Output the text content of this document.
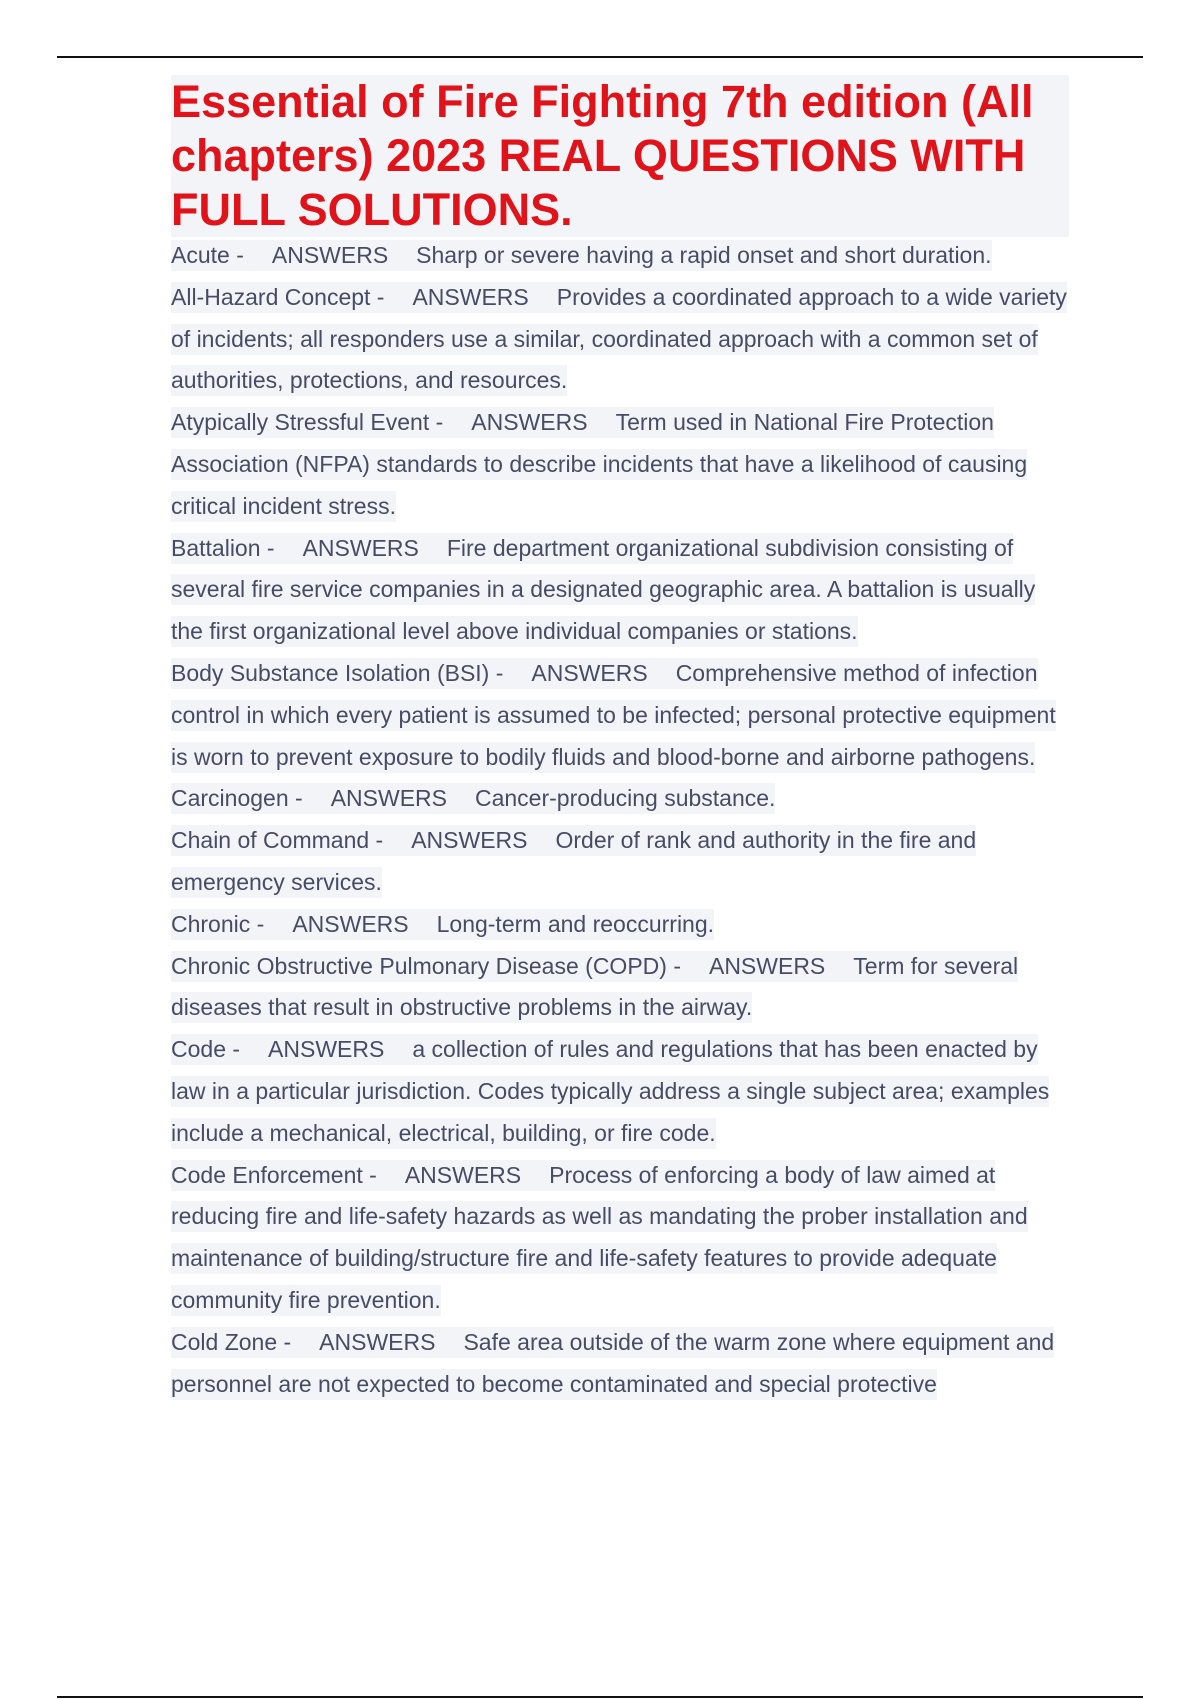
Essential of Fire Fighting 7th edition (All chapters) 2023 REAL QUESTIONS WITH FULL SOLUTIONS.
Acute - ANSWERS Sharp or severe having a rapid onset and short duration.
All-Hazard Concept - ANSWERS Provides a coordinated approach to a wide variety of incidents; all responders use a similar, coordinated approach with a common set of authorities, protections, and resources.
Atypically Stressful Event - ANSWERS Term used in National Fire Protection Association (NFPA) standards to describe incidents that have a likelihood of causing critical incident stress.
Battalion - ANSWERS Fire department organizational subdivision consisting of several fire service companies in a designated geographic area. A battalion is usually the first organizational level above individual companies or stations.
Body Substance Isolation (BSI) - ANSWERS Comprehensive method of infection control in which every patient is assumed to be infected; personal protective equipment is worn to prevent exposure to bodily fluids and blood-borne and airborne pathogens.
Carcinogen - ANSWERS Cancer-producing substance.
Chain of Command - ANSWERS Order of rank and authority in the fire and emergency services.
Chronic - ANSWERS Long-term and reoccurring.
Chronic Obstructive Pulmonary Disease (COPD) - ANSWERS Term for several diseases that result in obstructive problems in the airway.
Code - ANSWERS a collection of rules and regulations that has been enacted by law in a particular jurisdiction. Codes typically address a single subject area; examples include a mechanical, electrical, building, or fire code.
Code Enforcement - ANSWERS Process of enforcing a body of law aimed at reducing fire and life-safety hazards as well as mandating the prober installation and maintenance of building/structure fire and life-safety features to provide adequate community fire prevention.
Cold Zone - ANSWERS Safe area outside of the warm zone where equipment and personnel are not expected to become contaminated and special protective
